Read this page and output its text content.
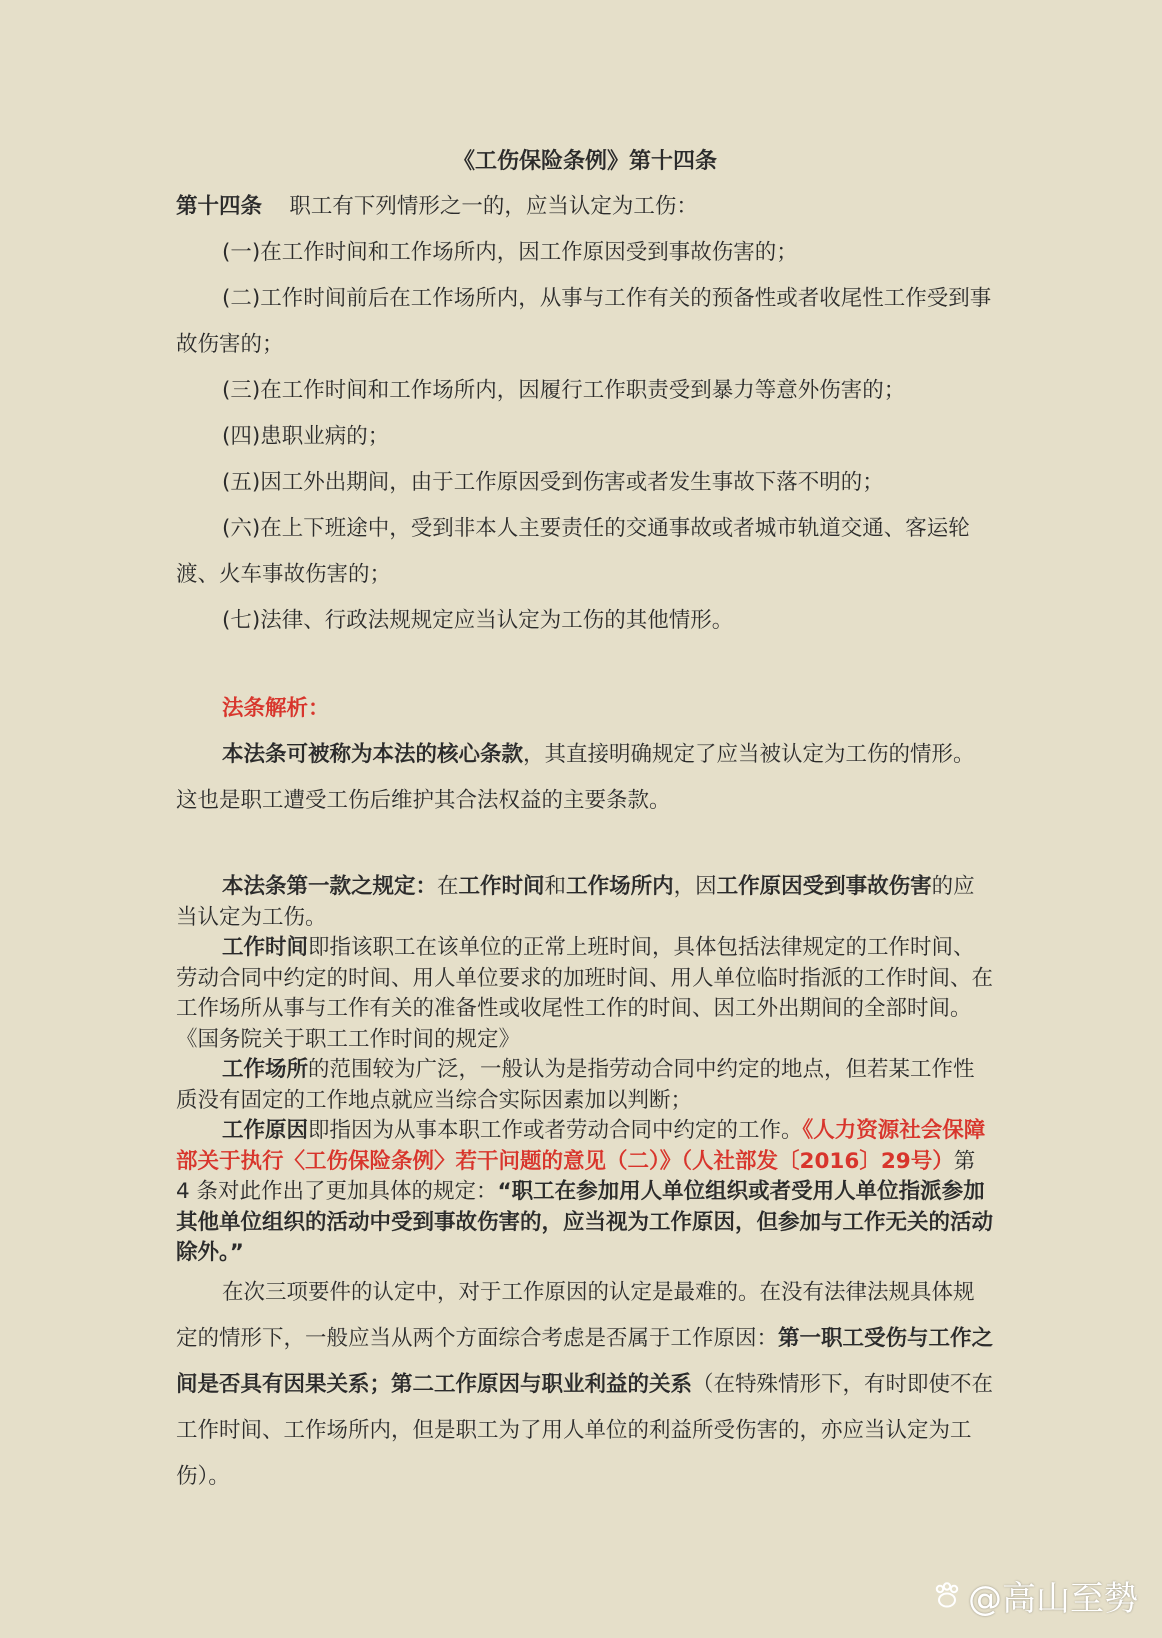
《工伤保险条例》第十四条

第十四条 职工有下列情形之一的，应当认定为工伤：

(一)在工作时间和工作场所内，因工作原因受到事故伤害的；

(二)工作时间前后在工作场所内，从事与工作有关的预备性或者收尾性工作受到事故伤害的；

(三)在工作时间和工作场所内，因履行工作职责受到暴力等意外伤害的；

(四)患职业病的；

(五)因工外出期间，由于工作原因受到伤害或者发生事故下落不明的；

(六)在上下班途中，受到非本人主要责任的交通事故或者城市轨道交通、客运轮渡、火车事故伤害的；

(七)法律、行政法规规定应当认定为工伤的其他情形。

法条解析：

本法条可被称为本法的核心条款，其直接明确规定了应当被认定为工伤的情形。这也是职工遭受工伤后维护其合法权益的主要条款。

本法条第一款之规定：在工作时间和工作场所内，因工作原因受到事故伤害的应当认定为工伤。

工作时间即指该职工在该单位的正常上班时间，具体包括法律规定的工作时间、劳动合同中约定的时间、用人单位要求的加班时间、用人单位临时指派的工作时间、在工作场所从事与工作有关的准备性或收尾性工作的时间、因工外出期间的全部时间。《国务院关于职工工作时间的规定》

工作场所的范围较为广泛，一般认为是指劳动合同中约定的地点，但若某工作性质没有固定的工作地点就应当综合实际因素加以判断；

工作原因即指因为从事本职工作或者劳动合同中约定的工作。《人力资源社会保障部关于执行〈工伤保险条例〉若干问题的意见（二）》（人社部发〔2016〕29号）第 4 条对此作出了更加具体的规定：“职工在参加用人单位组织或者受用人单位指派参加其他单位组织的活动中受到事故伤害的，应当视为工作原因，但参加与工作无关的活动除外。”

在次三项要件的认定中，对于工作原因的认定是最难的。在没有法律法规具体规定的情形下，一般应当从两个方面综合考虑是否属于工作原因：第一职工受伤与工作之间是否具有因果关系；第二工作原因与职业利益的关系（在特殊情形下，有时即使不在工作时间、工作场所内，但是职工为了用人单位的利益所受伤害的，亦应当认定为工伤）。

@高山至勢
